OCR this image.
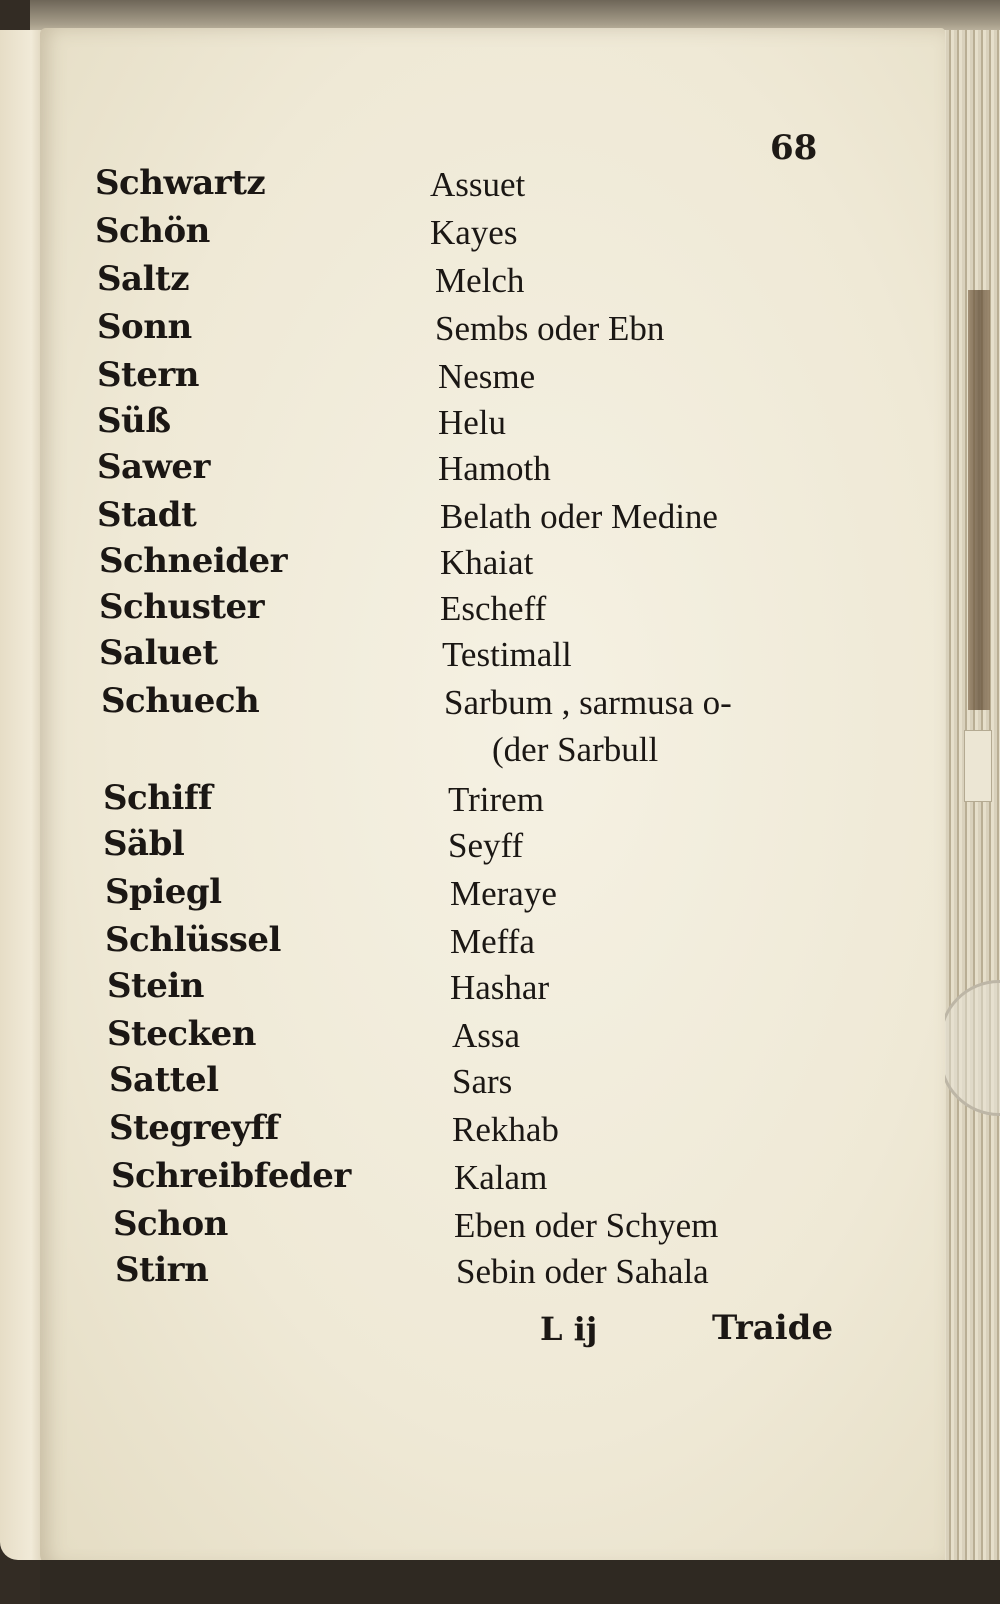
68
Schwartz	Assuet
Schön	Kayes
Saltz	Melch
Sonn	Sembs oder Ebn
Stern	Nesme
Süß	Helu
Sawer	Hamoth
Stadt	Belath oder Medine
Schneider	Khaiat
Schuster	Escheff
Saluet	Testimall
Schuech	Sarbum , sarmusa o-
(der Sarbull
Schiff	Trirem
Säbl	Seyff
Spiegl	Meraye
Schlüssel	Meffa
Stein	Hashar
Stecken	Assa
Sattel	Sars
Stegreyff	Rekhab
Schreibfeder	Kalam
Schon	Eben oder Schyem
Stirn	Sebin oder Sahala
L ij	Traide
